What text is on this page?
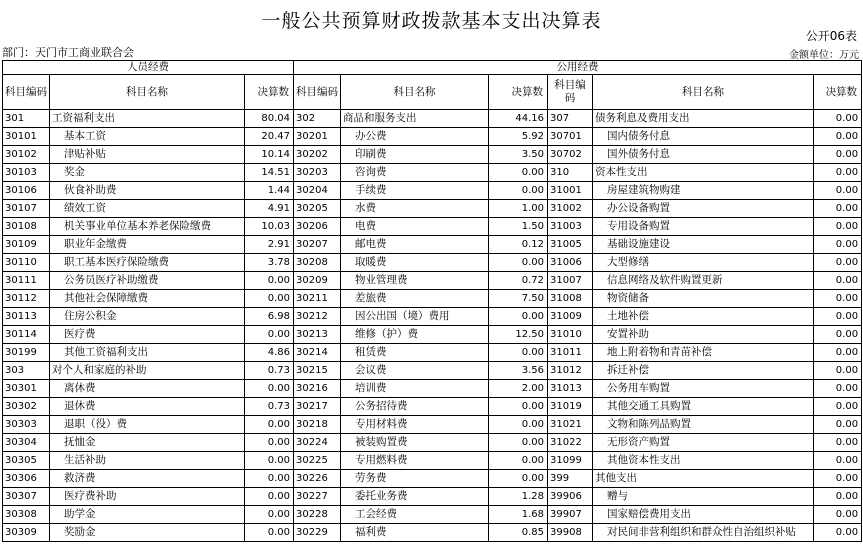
一般公共预算财政拨款基本支出决算表
公开06表
部门：天门市工商业联合会	金额单位：万元
人员经费			公用经费					
科目编码	科目名称	决算数	科目编码	科目名称	决算数	科目编码	科目名称	决算数
301	工资福利支出	80.04	302	商品和服务支出	44.16	307	债务利息及费用支出	0.00
30101	基本工资	20.47	30201	办公费	5.92	30701	国内债务付息	0.00
30102	津贴补贴	10.14	30202	印刷费	3.50	30702	国外债务付息	0.00
30103	奖金	14.51	30203	咨询费	0.00	310	资本性支出	0.00
30106	伙食补助费	1.44	30204	手续费	0.00	31001	房屋建筑物购建	0.00
30107	绩效工资	4.91	30205	水费	1.00	31002	办公设备购置	0.00
30108	机关事业单位基本养老保险缴费	10.03	30206	电费	1.50	31003	专用设备购置	0.00
30109	职业年金缴费	2.91	30207	邮电费	0.12	31005	基础设施建设	0.00
30110	职工基本医疗保险缴费	3.78	30208	取暖费	0.00	31006	大型修缮	0.00
30111	公务员医疗补助缴费	0.00	30209	物业管理费	0.72	31007	信息网络及软件购置更新	0.00
30112	其他社会保障缴费	0.00	30211	差旅费	7.50	31008	物资储备	0.00
30113	住房公积金	6.98	30212	因公出国（境）费用	0.00	31009	土地补偿	0.00
30114	医疗费	0.00	30213	维修（护）费	12.50	31010	安置补助	0.00
30199	其他工资福利支出	4.86	30214	租赁费	0.00	31011	地上附着物和青苗补偿	0.00
303	对个人和家庭的补助	0.73	30215	会议费	3.56	31012	拆迁补偿	0.00
30301	离休费	0.00	30216	培训费	2.00	31013	公务用车购置	0.00
30302	退休费	0.73	30217	公务招待费	0.00	31019	其他交通工具购置	0.00
30303	退职（役）费	0.00	30218	专用材料费	0.00	31021	文物和陈列品购置	0.00
30304	抚恤金	0.00	30224	被装购置费	0.00	31022	无形资产购置	0.00
30305	生活补助	0.00	30225	专用燃料费	0.00	31099	其他资本性支出	0.00
30306	救济费	0.00	30226	劳务费	0.00	399	其他支出	0.00
30307	医疗费补助	0.00	30227	委托业务费	1.28	39906	赠与	0.00
30308	助学金	0.00	30228	工会经费	1.68	39907	国家赔偿费用支出	0.00
30309	奖励金	0.00	30229	福利费	0.85	39908	对民间非营利组织和群众性自治组织补贴	0.00
